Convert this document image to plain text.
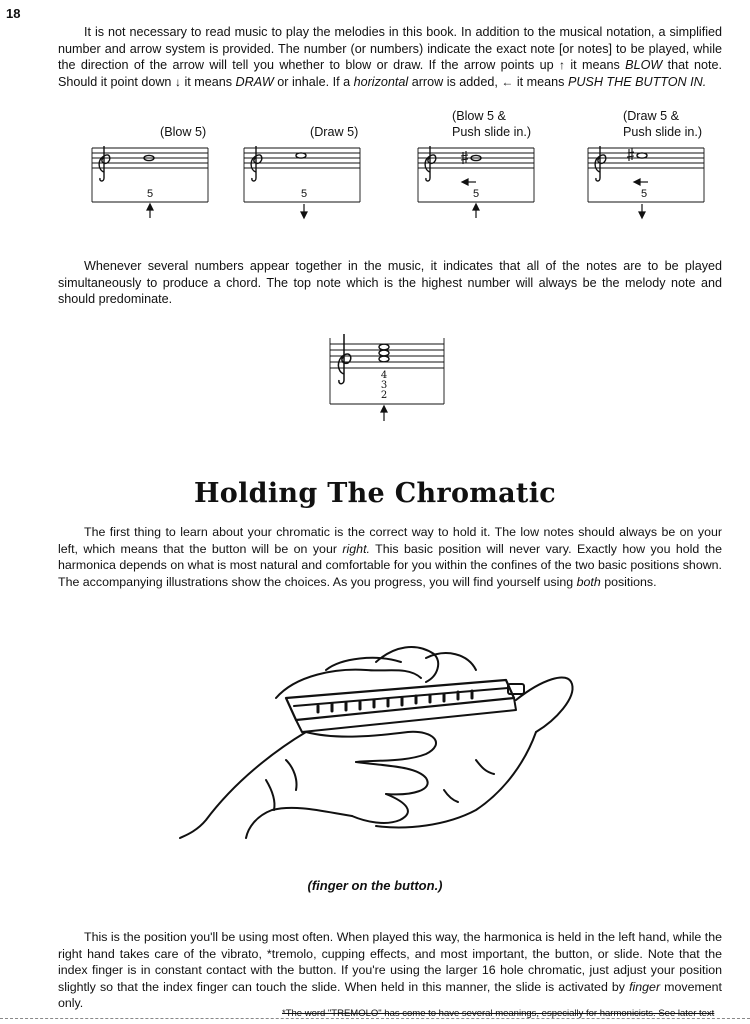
18

It is not necessary to read music to play the melodies in this book. In addition to the musical notation, a simplified number and arrow system is provided. The number (or numbers) indicate the exact note [or notes] to be played, while the direction of the arrow will tell you whether to blow or draw. If the arrow points up ↑ it means BLOW that note. Should it point down ↓ it means DRAW or inhale. If a horizontal arrow is added, ← it means PUSH THE BUTTON IN.

(Blow 5)	(Draw 5)
(Blow 5 &
Push slide in.)
(Draw 5 &
Push slide in.)
5	5	5	5

Whenever several numbers appear together in the music, it indicates that all of the notes are to be played simultaneously to produce a chord. The top note which is the highest number will always be the melody note and should predominate.

4
3
2
Holding The Chromatic

The first thing to learn about your chromatic is the correct way to hold it. The low notes should always be on your left, which means that the button will be on your right. This basic position will never vary. Exactly how you hold the harmonica depends on what is most natural and comfortable for you within the confines of the two basic positions shown. The accompanying illustrations show the choices. As you progress, you will find yourself using both positions.

(finger on the button.)

This is the position you'll be using most often. When played this way, the harmonica is held in the left hand, while the right hand takes care of the vibrato, *tremolo, cupping effects, and most important, the button, or slide. Note that the index finger is in constant contact with the button. If you're using the larger 16 hole chromatic, just adjust your position slightly so that the index finger can touch the slide. When held in this manner, the slide is activated by finger movement only.

*The word "TREMOLO" has come to have several meanings, especially for harmonicists. See later text
